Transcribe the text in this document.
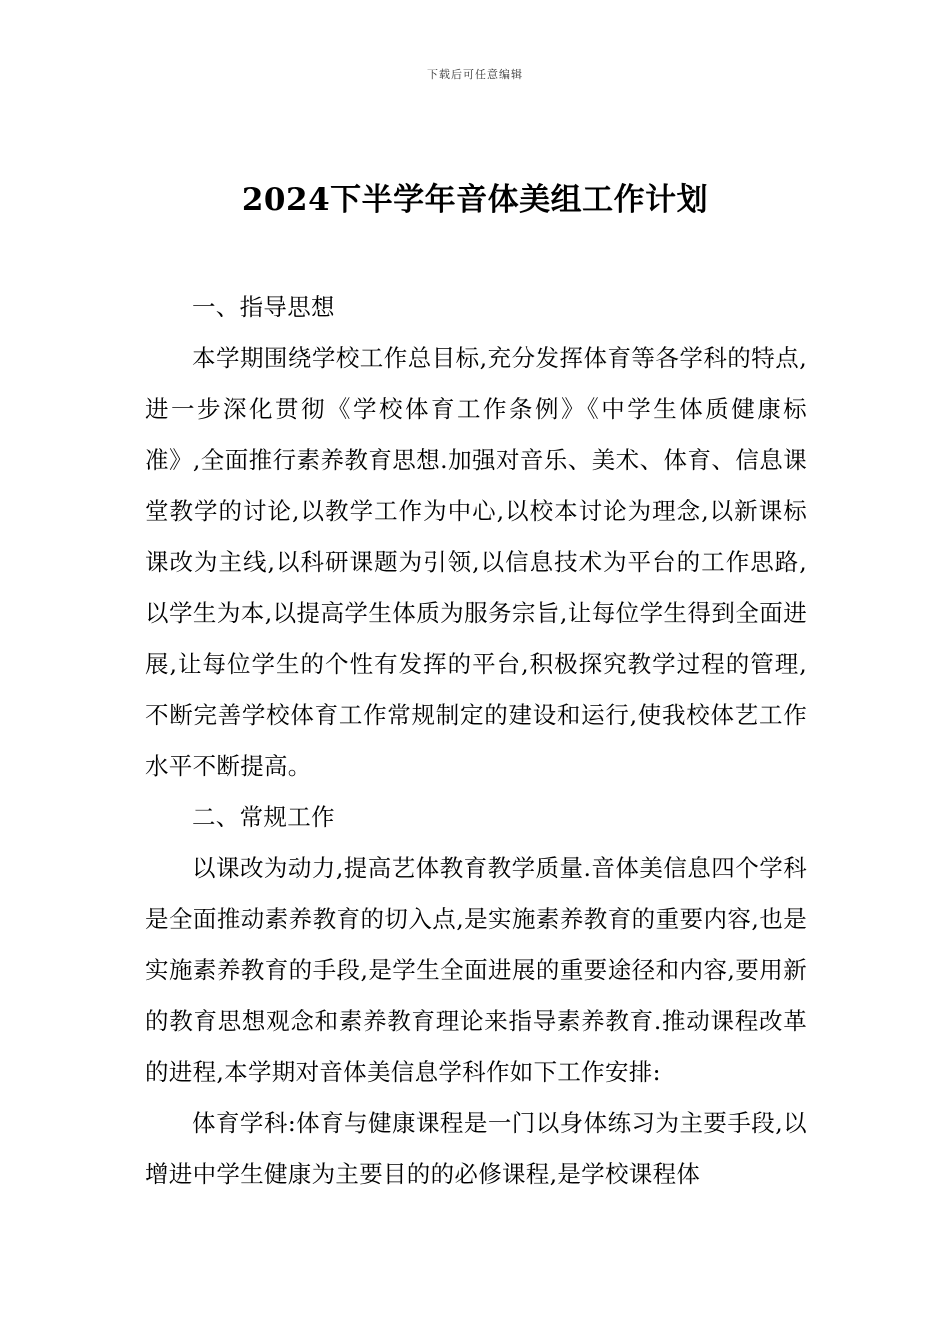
下载后可任意编辑
2024下半学年音体美组工作计划

一、指导思想

本学期围绕学校工作总目标,充分发挥体育等各学科的特点,进一步深化贯彻《学校体育工作条例》《中学生体质健康标准》,全面推行素养教育思想.加强对音乐、美术、体育、信息课堂教学的讨论,以教学工作为中心,以校本讨论为理念,以新课标课改为主线,以科研课题为引领,以信息技术为平台的工作思路,以学生为本,以提高学生体质为服务宗旨,让每位学生得到全面进展,让每位学生的个性有发挥的平台,积极探究教学过程的管理,不断完善学校体育工作常规制定的建设和运行,使我校体艺工作水平不断提高。

二、常规工作

以课改为动力,提高艺体教育教学质量.音体美信息四个学科是全面推动素养教育的切入点,是实施素养教育的重要内容,也是实施素养教育的手段,是学生全面进展的重要途径和内容,要用新的教育思想观念和素养教育理论来指导素养教育.推动课程改革的进程,本学期对音体美信息学科作如下工作安排:

体育学科:体育与健康课程是一门以身体练习为主要手段,以增进中学生健康为主要目的的必修课程,是学校课程体
